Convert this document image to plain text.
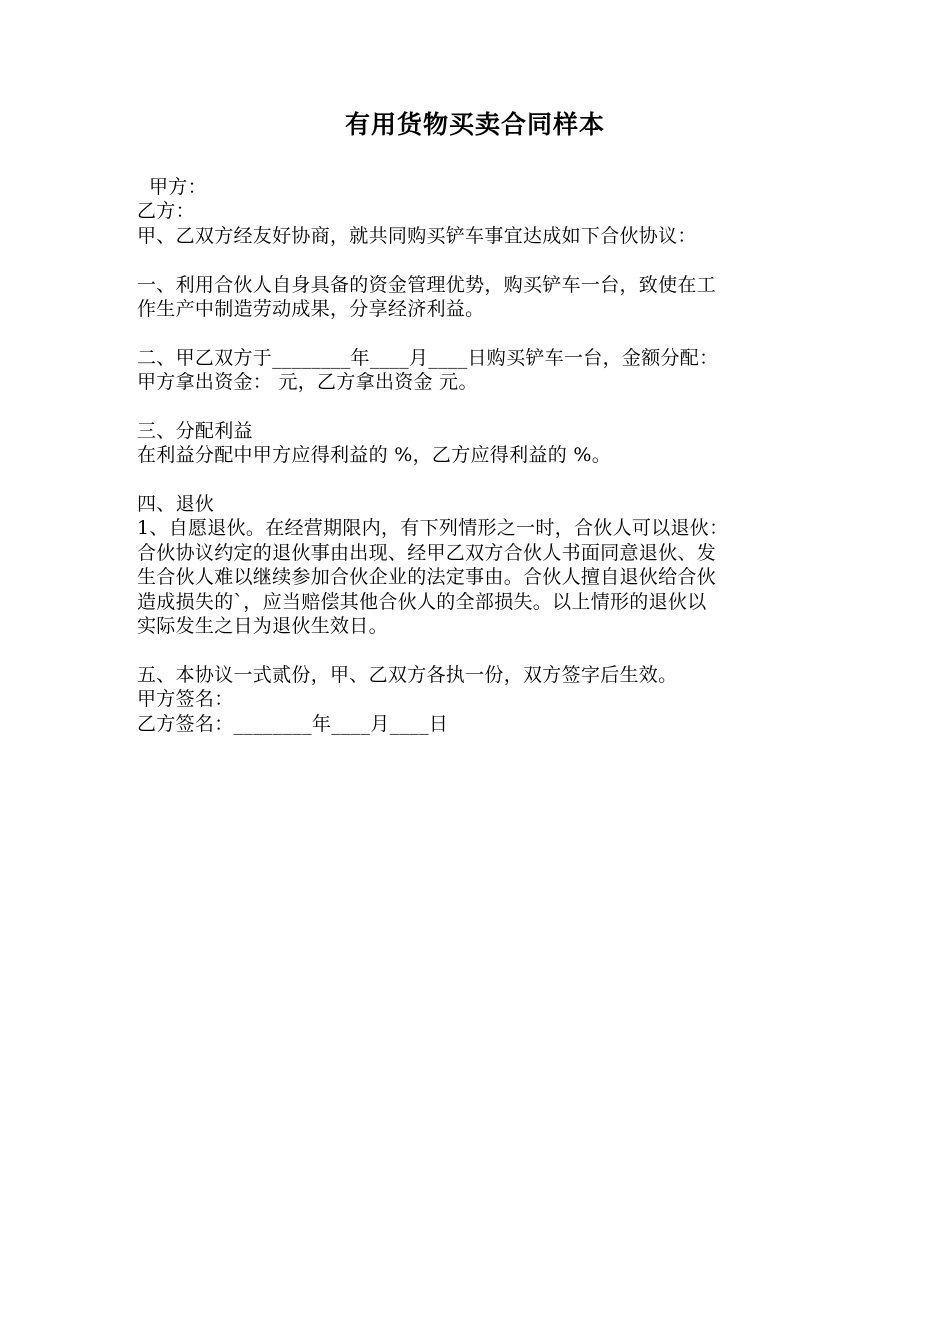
有用货物买卖合同样本
甲方：
乙方：
甲、乙双方经友好协商，就共同购买铲车事宜达成如下合伙协议：
一、利用合伙人自身具备的资金管理优势，购买铲车一台，致使在工
作生产中制造劳动成果，分享经济利益。
二、甲乙双方于________年____月____日购买铲车一台，金额分配：
甲方拿出资金： 元，乙方拿出资金 元。
三、分配利益
在利益分配中甲方应得利益的 %，乙方应得利益的 %。
四、退伙
1、自愿退伙。在经营期限内，有下列情形之一时，合伙人可以退伙：
合伙协议约定的退伙事由出现、经甲乙双方合伙人书面同意退伙、发
生合伙人难以继续参加合伙企业的法定事由。合伙人擅自退伙给合伙
造成损失的`，应当赔偿其他合伙人的全部损失。以上情形的退伙以
实际发生之日为退伙生效日。
五、本协议一式贰份，甲、乙双方各执一份，双方签字后生效。
甲方签名：
乙方签名：________年____月____日
